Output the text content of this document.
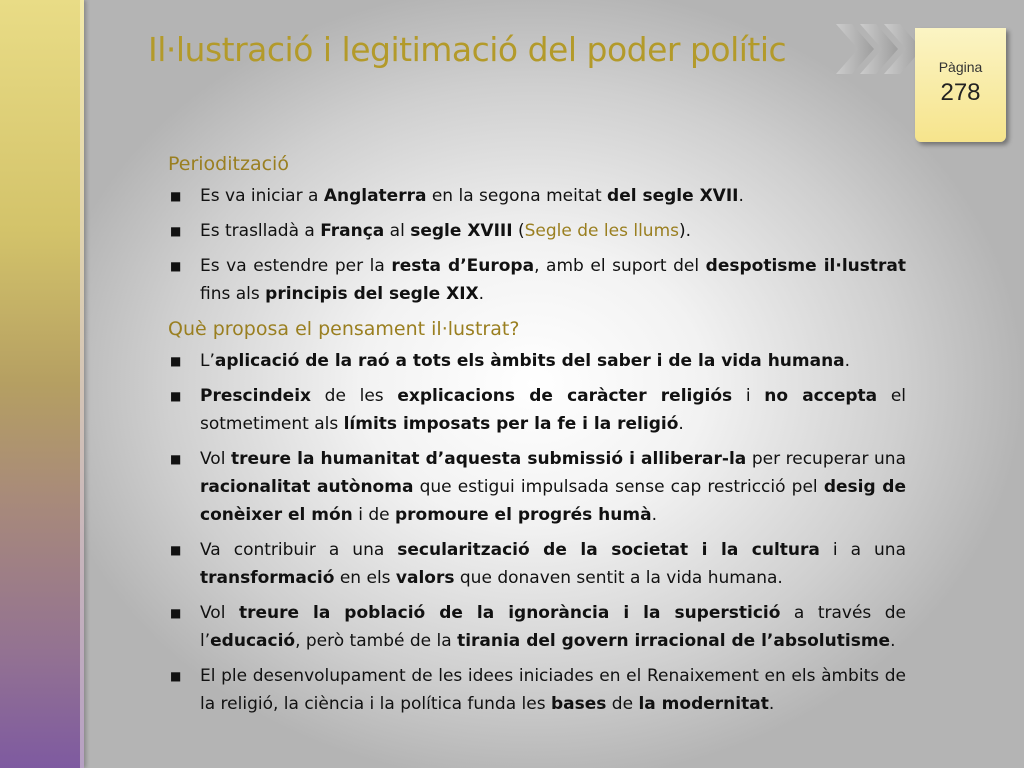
Il·lustració i legitimació del poder polític	Pàgina
278
Periodització
■ Es va iniciar a Anglaterra en la segona meitat del segle XVII.
■ Es traslladà a França al segle XVIII (Segle de les llums).
■ Es va estendre per la resta d’Europa, amb el suport del despotisme il·lustrat fins als principis del segle XIX.
Què proposa el pensament il·lustrat?
■ L’aplicació de la raó a tots els àmbits del saber i de la vida humana.
■ Prescindeix de les explicacions de caràcter religiós i no accepta el sotmetiment als límits imposats per la fe i la religió.
■ Vol treure la humanitat d’aquesta submissió i alliberar-la per recuperar una racionalitat autònoma que estigui impulsada sense cap restricció pel desig de conèixer el món i de promoure el progrés humà.
■ Va contribuir a una secularització de la societat i la cultura i a una transformació en els valors que donaven sentit a la vida humana.
■ Vol treure la població de la ignorància i la superstició a través de l’educació, però també de la tirania del govern irracional de l’absolutisme.
■ El ple desenvolupament de les idees iniciades en el Renaixement en els àmbits de la religió, la ciència i la política funda les bases de la modernitat.
